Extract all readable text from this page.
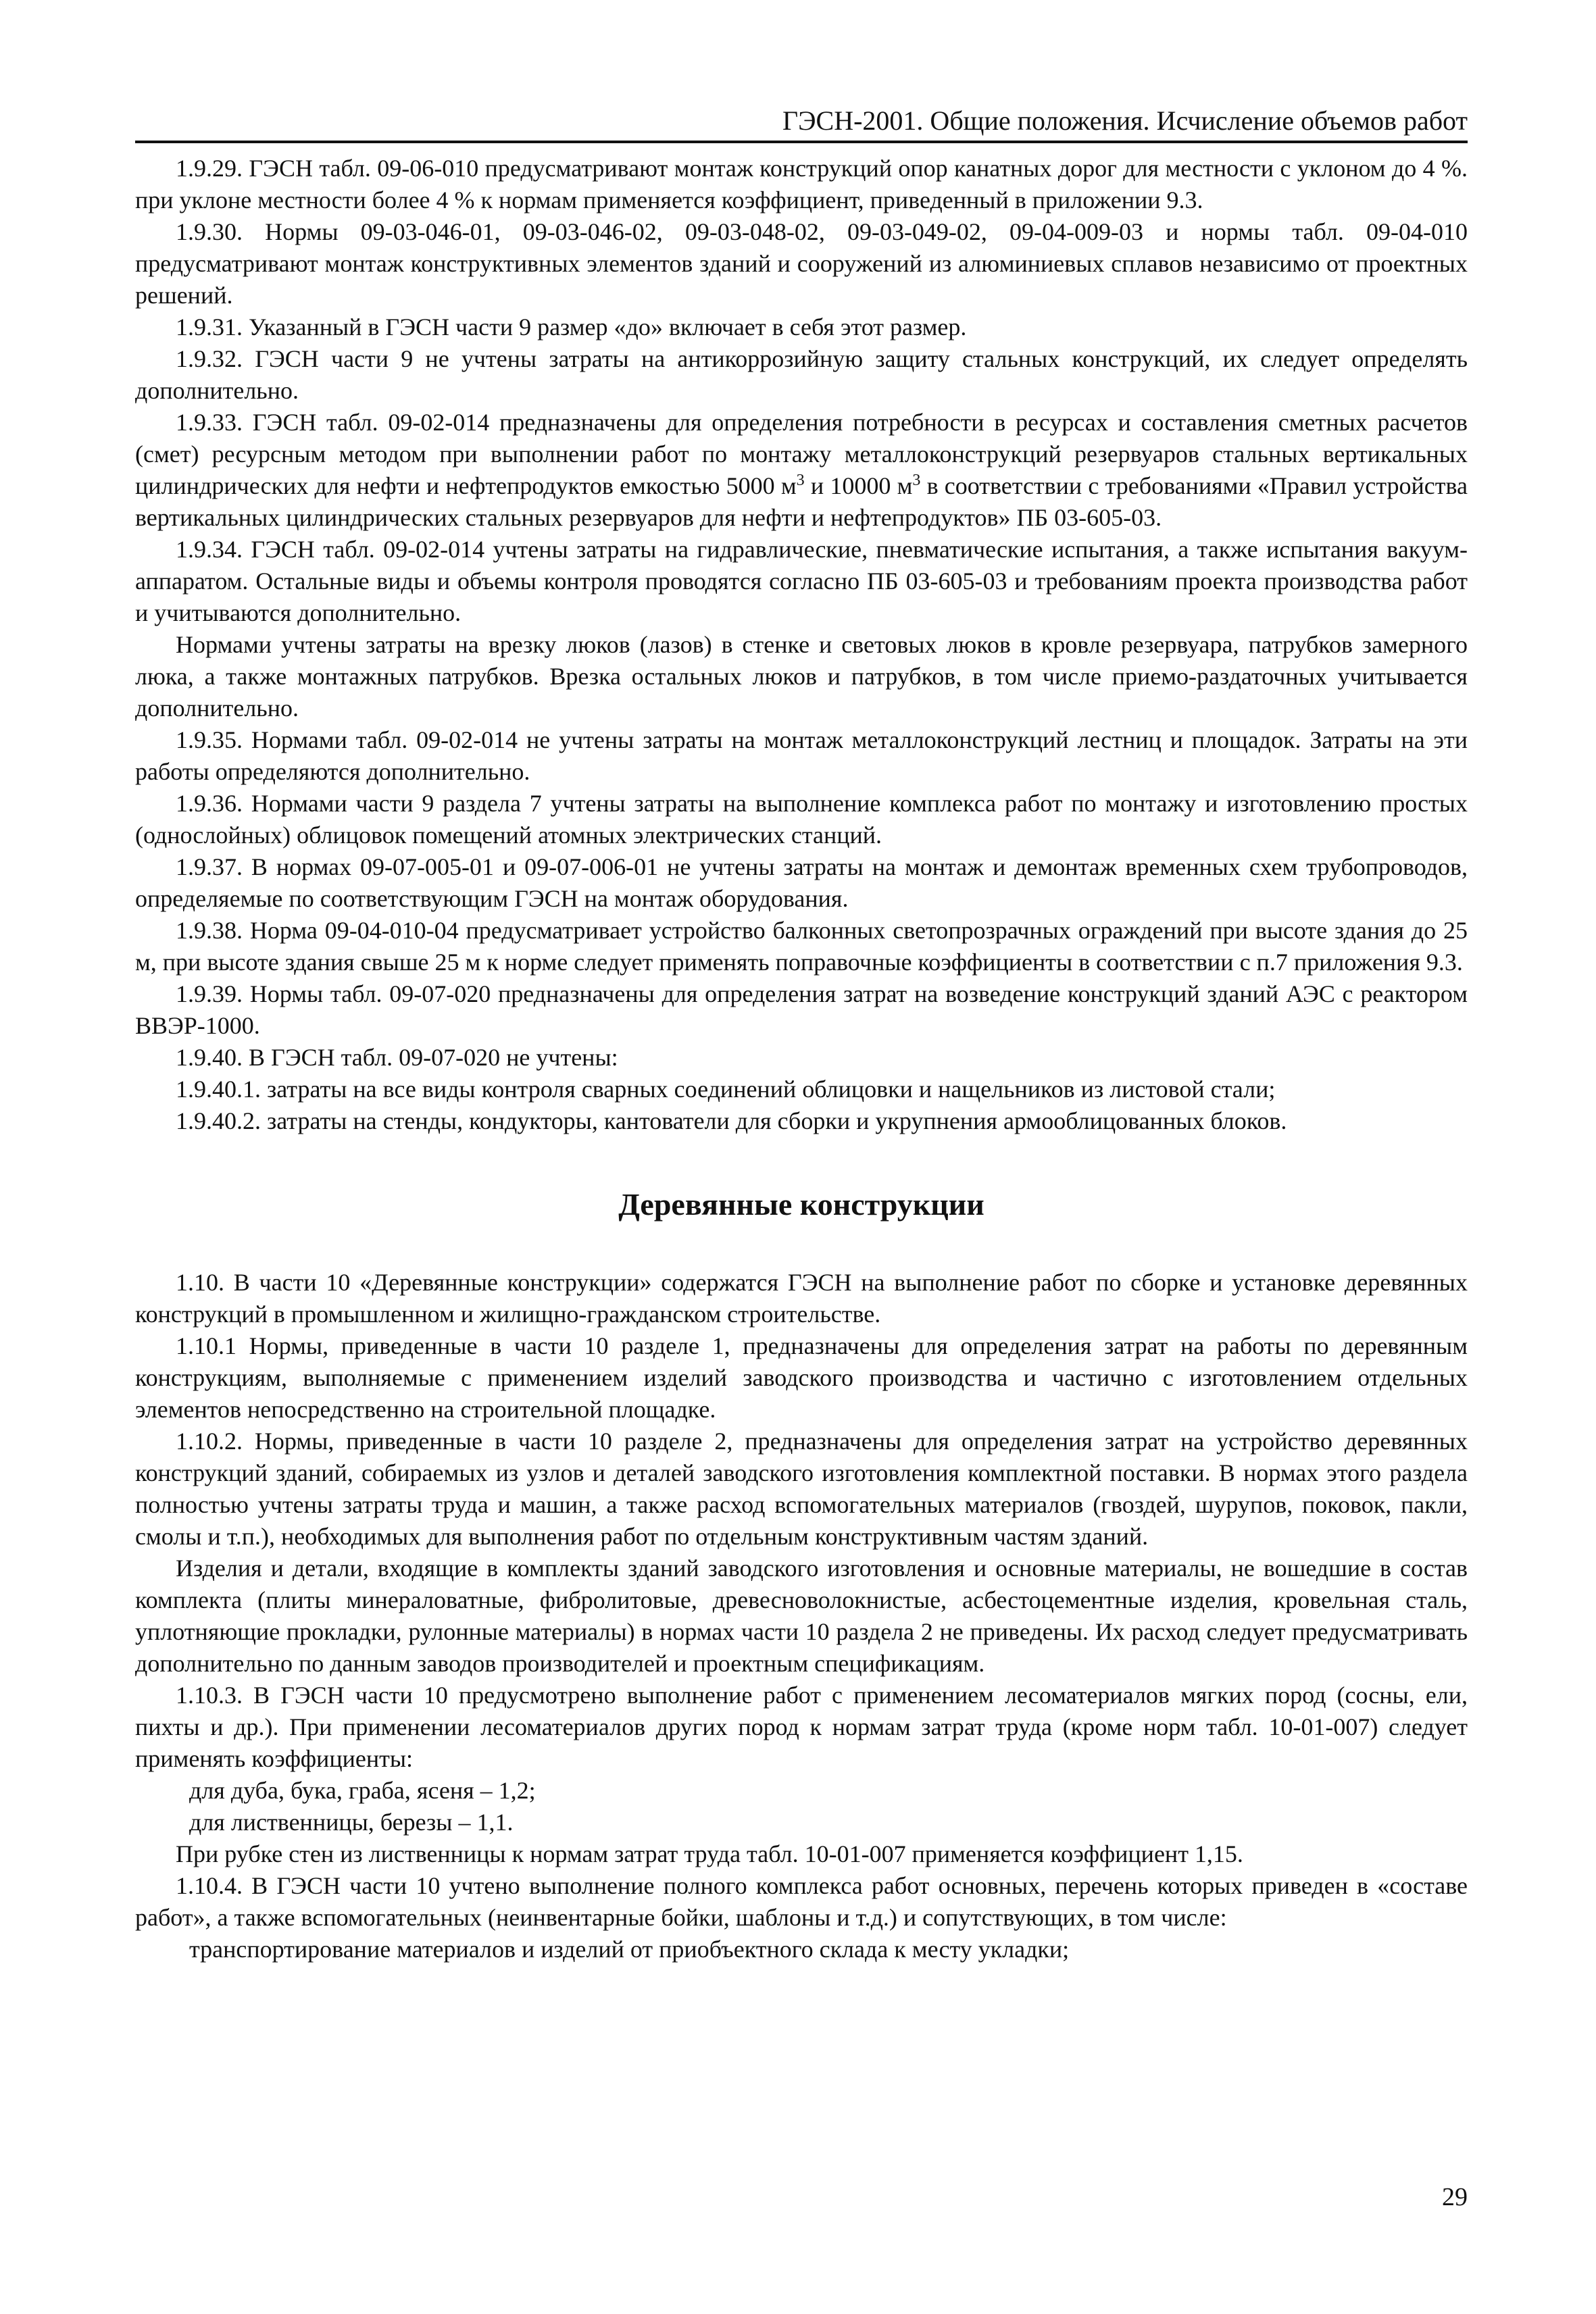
ГЭСН-2001. Общие положения. Исчисление объемов работ

1.9.29. ГЭСН табл. 09-06-010 предусматривают монтаж конструкций опор канатных дорог для местности с уклоном до 4 %. при уклоне местности более 4 % к нормам применяется коэффициент, приведенный в приложении 9.3.

1.9.30. Нормы 09-03-046-01, 09-03-046-02, 09-03-048-02, 09-03-049-02, 09-04-009-03 и нормы табл. 09-04-010 предусматривают монтаж конструктивных элементов зданий и сооружений из алюминиевых сплавов независимо от проектных решений.

1.9.31. Указанный в ГЭСН части 9 размер «до» включает в себя этот размер.

1.9.32. ГЭСН части 9 не учтены затраты на антикоррозийную защиту стальных конструкций, их следует определять дополнительно.

1.9.33. ГЭСН табл. 09-02-014 предназначены для определения потребности в ресурсах и составления сметных расчетов (смет) ресурсным методом при выполнении работ по монтажу металлоконструкций резервуаров стальных вертикальных цилиндрических для нефти и нефтепродуктов емкостью 5000 $м^3$ и 10000 $м^3$ в соответствии с требованиями «Правил устройства вертикальных цилиндрических стальных резервуаров для нефти и нефтепродуктов» ПБ 03-605-03.

1.9.34. ГЭСН табл. 09-02-014 учтены затраты на гидравлические, пневматические испытания, а также испытания вакуум-аппаратом. Остальные виды и объемы контроля проводятся согласно ПБ 03-605-03 и требованиям проекта производства работ и учитываются дополнительно.

Нормами учтены затраты на врезку люков (лазов) в стенке и световых люков в кровле резервуара, патрубков замерного люка, а также монтажных патрубков. Врезка остальных люков и патрубков, в том числе приемо-раздаточных учитывается дополнительно.

1.9.35. Нормами табл. 09-02-014 не учтены затраты на монтаж металлоконструкций лестниц и площадок. Затраты на эти работы определяются дополнительно.

1.9.36. Нормами части 9 раздела 7 учтены затраты на выполнение комплекса работ по монтажу и изготовлению простых (однослойных) облицовок помещений атомных электрических станций.

1.9.37. В нормах 09-07-005-01 и 09-07-006-01 не учтены затраты на монтаж и демонтаж временных схем трубопроводов, определяемые по соответствующим ГЭСН на монтаж оборудования.

1.9.38. Норма 09-04-010-04 предусматривает устройство балконных светопрозрачных ограждений при высоте здания до 25 м, при высоте здания свыше 25 м к норме следует применять поправочные коэффициенты в соответствии с п.7 приложения 9.3.

1.9.39. Нормы табл. 09-07-020 предназначены для определения затрат на возведение конструкций зданий АЭС с реактором ВВЭР-1000.

1.9.40. В ГЭСН табл. 09-07-020 не учтены:

1.9.40.1. затраты на все виды контроля сварных соединений облицовки и нащельников из листовой стали;

1.9.40.2. затраты на стенды, кондукторы, кантователи для сборки и укрупнения армооблицованных блоков.

Деревянные конструкции

1.10. В части 10 «Деревянные конструкции» содержатся ГЭСН на выполнение работ по сборке и установке деревянных конструкций в промышленном и жилищно-гражданском строительстве.

1.10.1 Нормы, приведенные в части 10 разделе 1, предназначены для определения затрат на работы по деревянным конструкциям, выполняемые с применением изделий заводского производства и частично с изготовлением отдельных элементов непосредственно на строительной площадке.

1.10.2. Нормы, приведенные в части 10 разделе 2, предназначены для определения затрат на устройство деревянных конструкций зданий, собираемых из узлов и деталей заводского изготовления комплектной поставки. В нормах этого раздела полностью учтены затраты труда и машин, а также расход вспомогательных материалов (гвоздей, шурупов, поковок, пакли, смолы и т.п.), необходимых для выполнения работ по отдельным конструктивным частям зданий.

Изделия и детали, входящие в комплекты зданий заводского изготовления и основные материалы, не вошедшие в состав комплекта (плиты минераловатные, фибролитовые, древесноволокнистые, асбестоцементные изделия, кровельная сталь, уплотняющие прокладки, рулонные материалы) в нормах части 10 раздела 2 не приведены. Их расход следует предусматривать дополнительно по данным заводов производителей и проектным спецификациям.

1.10.3. В ГЭСН части 10 предусмотрено выполнение работ с применением лесоматериалов мягких пород (сосны, ели, пихты и др.). При применении лесоматериалов других пород к нормам затрат труда (кроме норм табл. 10-01-007) следует применять коэффициенты:

для дуба, бука, граба, ясеня – 1,2;

для лиственницы, березы – 1,1.

При рубке стен из лиственницы к нормам затрат труда табл. 10-01-007 применяется коэффициент 1,15.

1.10.4. В ГЭСН части 10 учтено выполнение полного комплекса работ основных, перечень которых приведен в «составе работ», а также вспомогательных (неинвентарные бойки, шаблоны и т.д.) и сопутствующих, в том числе:

транспортирование материалов и изделий от приобъектного склада к месту укладки;

29
